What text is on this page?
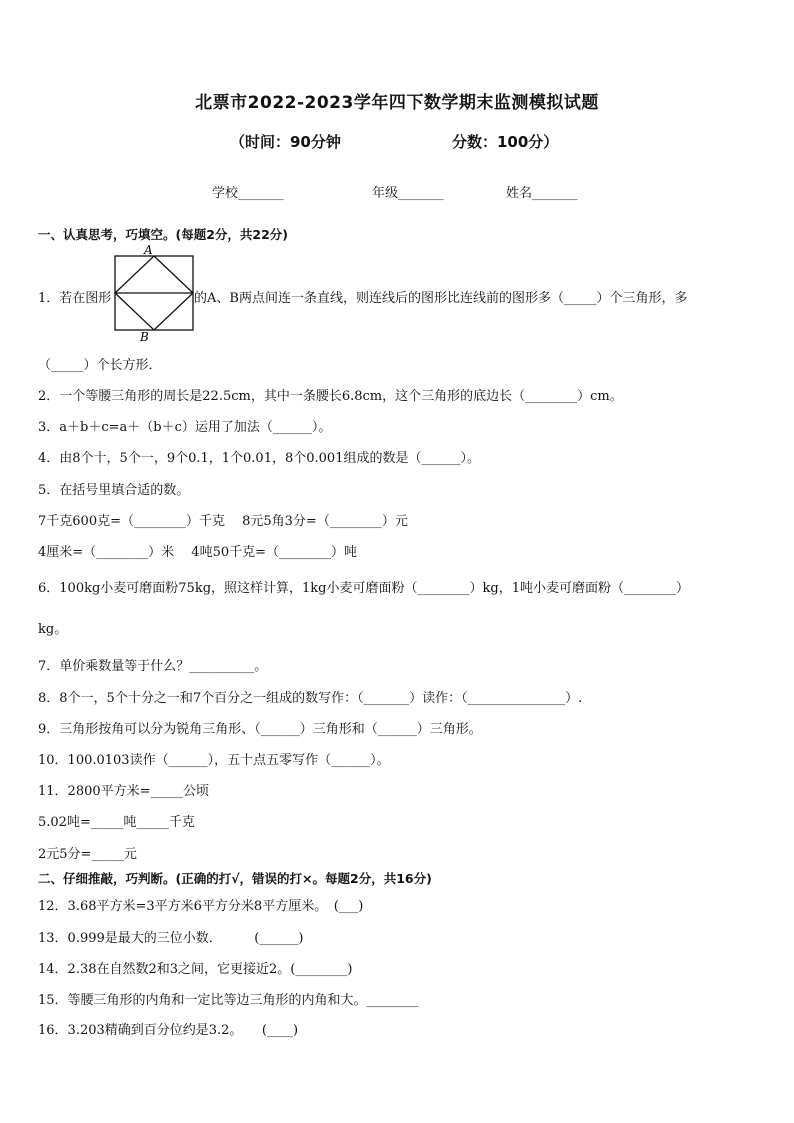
北票市2022-2023学年四下数学期末监测模拟试题
（时间：90分钟	分数：100分）
学校_______	年级_______	姓名_______
一、认真思考，巧填空。(每题2分，共22分)
1．若在图形
A
B
的A、B两点间连一条直线，则连线后的图形比连线前的图形多（_____）个三角形，多
（_____）个长方形．
2．一个等腰三角形的周长是22.5cm，其中一条腰长6.8cm，这个三角形的底边长（________）cm。
3．a＋b＋c=a＋（b＋c）运用了加法（______）。
4．由8个十，5个一，9个0.1，1个0.01，8个0.001组成的数是（______）。
5．在括号里填合适的数。
7千克600克=（________）千克　 8元5角3分=（________）元
4厘米=（________）米　 4吨50千克=（________）吨
6．100kg小麦可磨面粉75kg，照这样计算，1kg小麦可磨面粉（________）kg，1吨小麦可磨面粉（________）
kg。
7．单价乘数量等于什么？__________。
8．8个一，5个十分之一和7个百分之一组成的数写作：（_______）读作：（_______________）.
9．三角形按角可以分为锐角三角形、（______）三角形和（______）三角形。
10．100.0103读作（______），五十点五零写作（______）。
11．2800平方米=_____公顷
5.02吨=_____吨_____千克
2元5分=_____元
二、仔细推敲，巧判断。(正确的打√，错误的打×。每题2分，共16分)
12．3.68平方米=3平方米6平方分米8平方厘米。　(___)
13．0.999是最大的三位小数．　　　(______)
14．2.38在自然数2和3之间，它更接近2。(________)
15．等腰三角形的内角和一定比等边三角形的内角和大。________
16．3.203精确到百分位约是3.2。　　(____)
